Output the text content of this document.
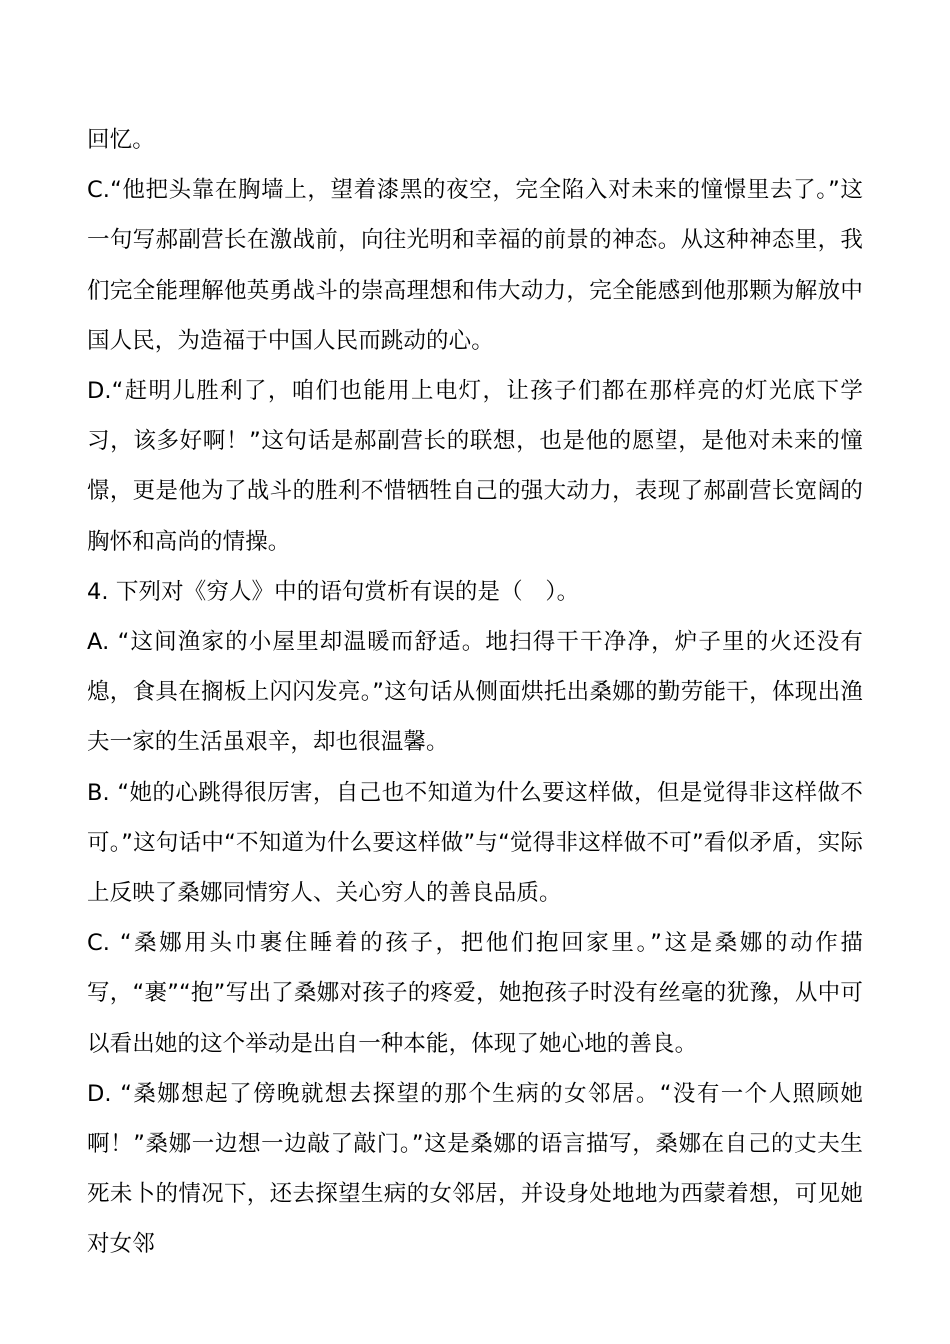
回忆。

C.“他把头靠在胸墙上，望着漆黑的夜空，完全陷入对未来的憧憬里去了。”这一句写郝副营长在激战前，向往光明和幸福的前景的神态。从这种神态里，我们完全能理解他英勇战斗的崇高理想和伟大动力，完全能感到他那颗为解放中国人民，为造福于中国人民而跳动的心。

D.“赶明儿胜利了，咱们也能用上电灯，让孩子们都在那样亮的灯光底下学习，该多好啊！”这句话是郝副营长的联想，也是他的愿望，是他对未来的憧憬，更是他为了战斗的胜利不惜牺牲自己的强大动力，表现了郝副营长宽阔的胸怀和高尚的情操。

4. 下列对《穷人》中的语句赏析有误的是（　）。

A. “这间渔家的小屋里却温暖而舒适。地扫得干干净净，炉子里的火还没有熄，食具在搁板上闪闪发亮。”这句话从侧面烘托出桑娜的勤劳能干，体现出渔夫一家的生活虽艰辛，却也很温馨。

B. “她的心跳得很厉害，自己也不知道为什么要这样做，但是觉得非这样做不可。”这句话中“不知道为什么要这样做”与“觉得非这样做不可”看似矛盾，实际上反映了桑娜同情穷人、关心穷人的善良品质。

C. “桑娜用头巾裹住睡着的孩子，把他们抱回家里。”这是桑娜的动作描写，“裹”“抱”写出了桑娜对孩子的疼爱，她抱孩子时没有丝毫的犹豫，从中可以看出她的这个举动是出自一种本能，体现了她心地的善良。

D. “桑娜想起了傍晚就想去探望的那个生病的女邻居。“没有一个人照顾她啊！”桑娜一边想一边敲了敲门。”这是桑娜的语言描写，桑娜在自己的丈夫生死未卜的情况下，还去探望生病的女邻居，并设身处地地为西蒙着想，可见她对女邻
